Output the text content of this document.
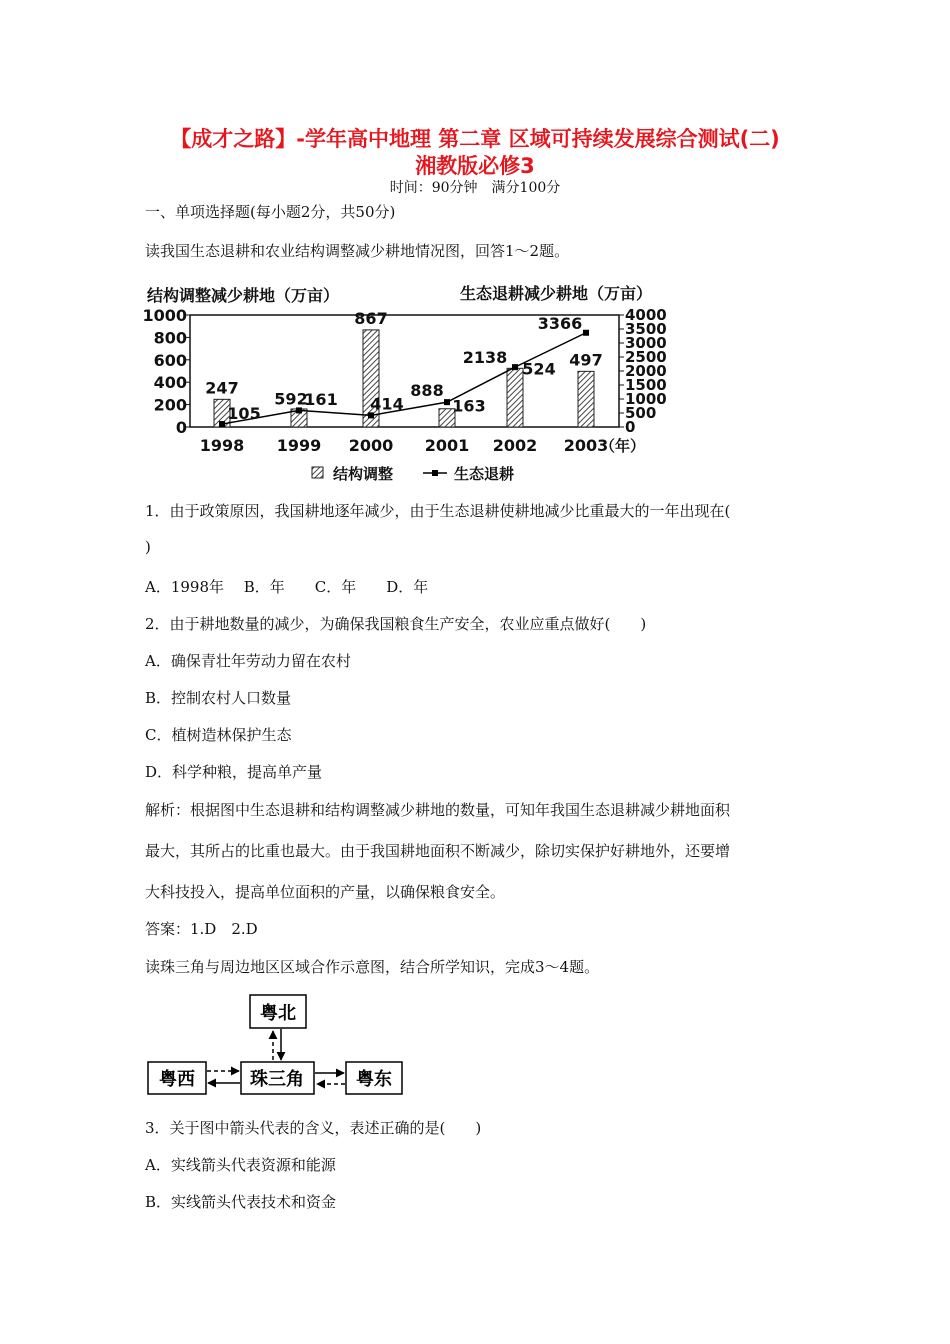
【成才之路】-学年高中地理 第二章 区域可持续发展综合测试(二)
湘教版必修3
时间：90分钟　满分100分
一、单项选择题(每小题2分，共50分)
读我国生态退耕和农业结构调整减少耕地情况图，回答1～2题。
结构调整减少耕地（万亩）	生态退耕减少耕地（万亩）
1000
800
600
400
200
0
4000
3500
3000
2500
2000
1500
1000
500
0
247
161
867
163
524 497
105
592	414
888
2138
3366
1998 1999 2000 2001 2002 2003
（年）
结构调整	生态退耕
1．由于政策原因，我国耕地逐年减少，由于生态退耕使耕地减少比重最大的一年出现在(
)
A．1998年　 B．年　　C．年　　D．年
2．由于耕地数量的减少，为确保我国粮食生产安全，农业应重点做好(　　)
A．确保青壮年劳动力留在农村
B．控制农村人口数量
C．植树造林保护生态
D．科学种粮，提高单产量
解析：根据图中生态退耕和结构调整减少耕地的数量，可知年我国生态退耕减少耕地面积
最大，其所占的比重也最大。由于我国耕地面积不断减少，除切实保护好耕地外，还要增
大科技投入，提高单位面积的产量，以确保粮食安全。
答案：1.D　2.D
读珠三角与周边地区区域合作示意图，结合所学知识，完成3～4题。
粤北
珠三角
粤西	粤东
3．关于图中箭头代表的含义，表述正确的是(　　)
A．实线箭头代表资源和能源
B．实线箭头代表技术和资金
